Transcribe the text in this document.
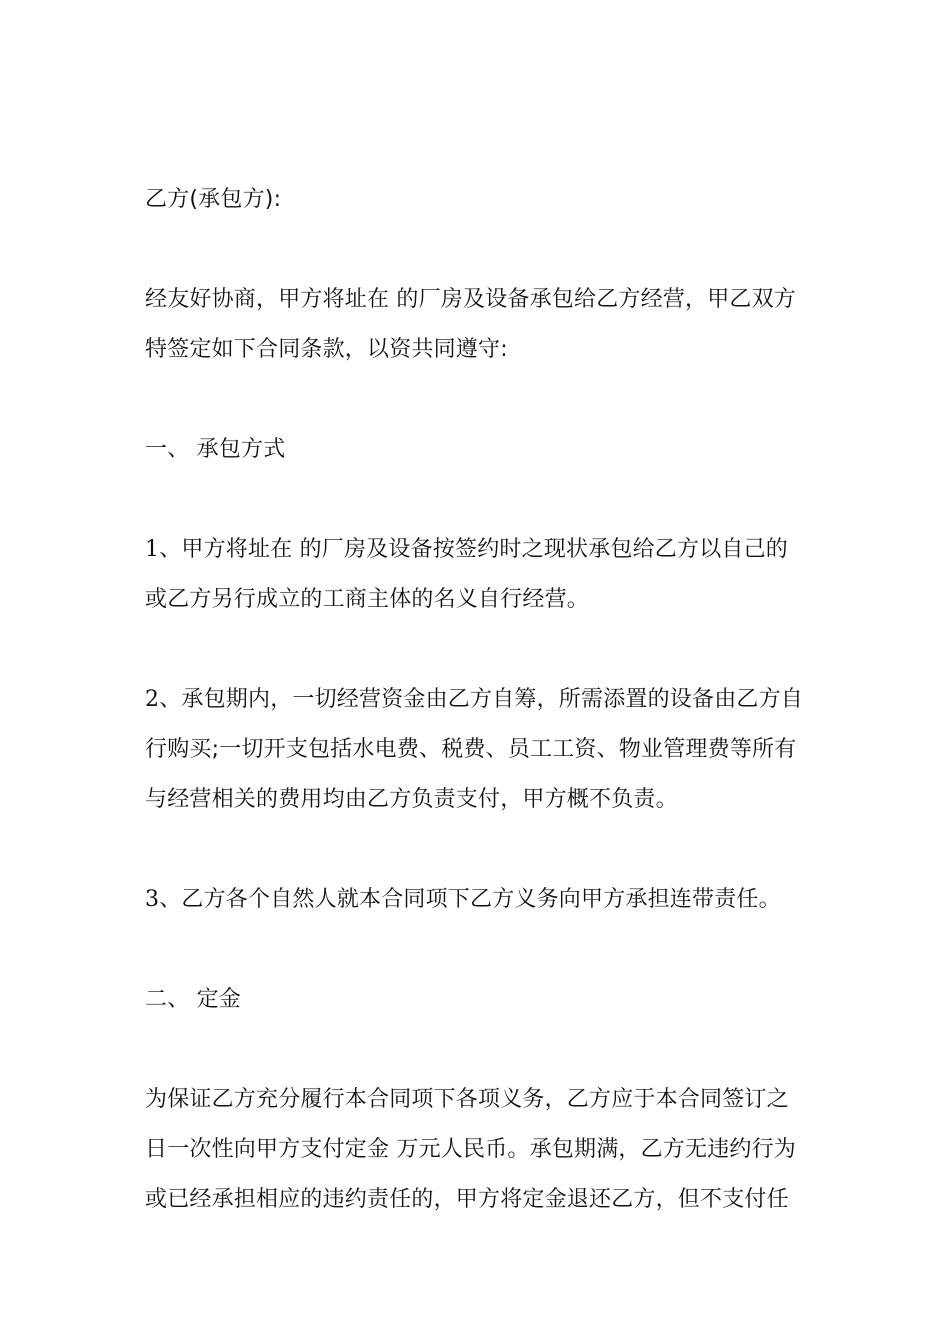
乙方(承包方):
经友好协商，甲方将址在 的厂房及设备承包给乙方经营，甲乙双方
特签定如下合同条款，以资共同遵守:
一、 承包方式
1、甲方将址在 的厂房及设备按签约时之现状承包给乙方以自己的
或乙方另行成立的工商主体的名义自行经营。
2、承包期内，一切经营资金由乙方自筹，所需添置的设备由乙方自
行购买;一切开支包括水电费、税费、员工工资、物业管理费等所有
与经营相关的费用均由乙方负责支付，甲方概不负责。
3、乙方各个自然人就本合同项下乙方义务向甲方承担连带责任。
二、 定金
为保证乙方充分履行本合同项下各项义务，乙方应于本合同签订之
日一次性向甲方支付定金 万元人民币。承包期满，乙方无违约行为
或已经承担相应的违约责任的，甲方将定金退还乙方，但不支付任
